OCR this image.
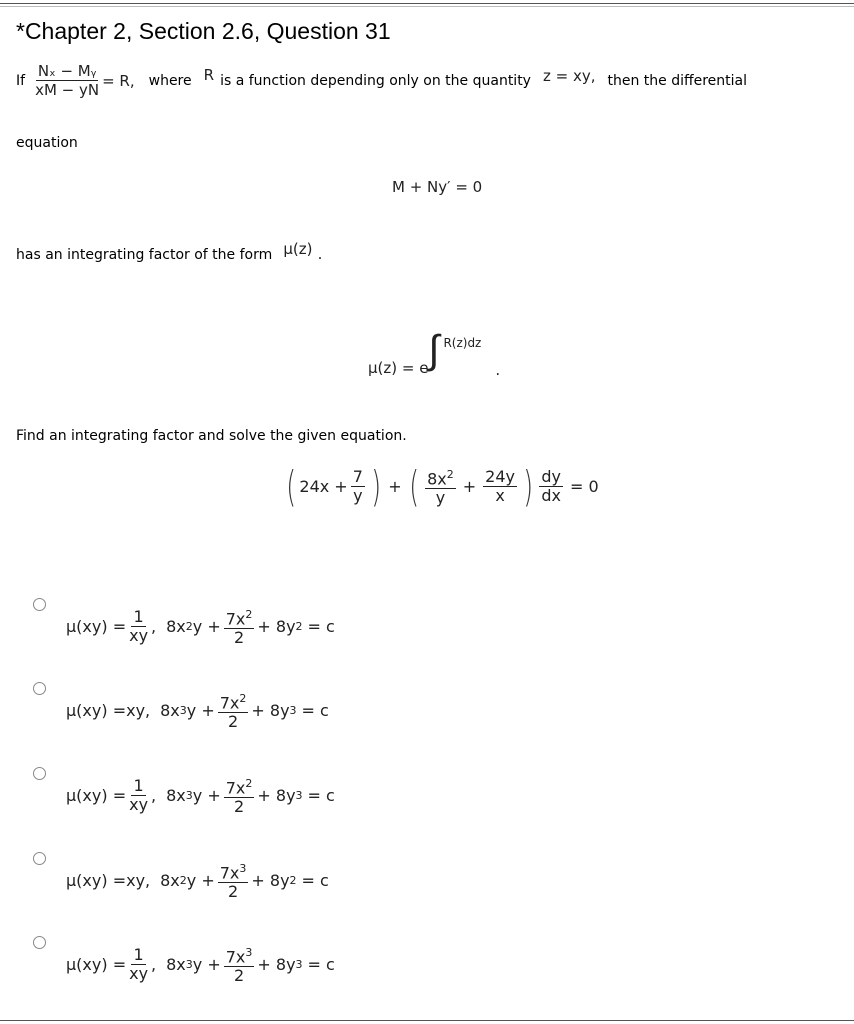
*Chapter 2, Section 2.6, Question 31
If $\frac{\text{Nₓ − Mᵧ}}{xM - yN} = R$, where R is a function depending only on the quantity z = xy, then the differential
equation
M + Ny′ = 0
has an integrating factor of the form μ(z) .
μ(z) = e∫ $_{R(z)dz}$.
Find an integrating factor and solve the given equation.
( $24x + \frac{7}{y}$ ) + ( $\frac{8x^2}{y} + \frac{24y}{x}$ ) $\frac{dy}{dx} = 0$
$\mu(xy) = \frac{1}{xy}$ , 8x 2 $y + \frac{7x^2}{2} + 8y$ 2 = c
μ(xy) = xy , 8x 3 $y + \frac{7x^2}{2} + 8y$ 3 = c
$\mu(xy) = \frac{1}{xy}$ , 8x 3 $y + \frac{7x^2}{2} + 8y$ 3 = c
μ(xy) = xy , 8x 2 $y + \frac{7x^3}{2} + 8y$ 2 = c
$\mu(xy) = \frac{1}{xy}$ , 8x 3 $y + \frac{7x^3}{2} + 8y$ 3 = c
